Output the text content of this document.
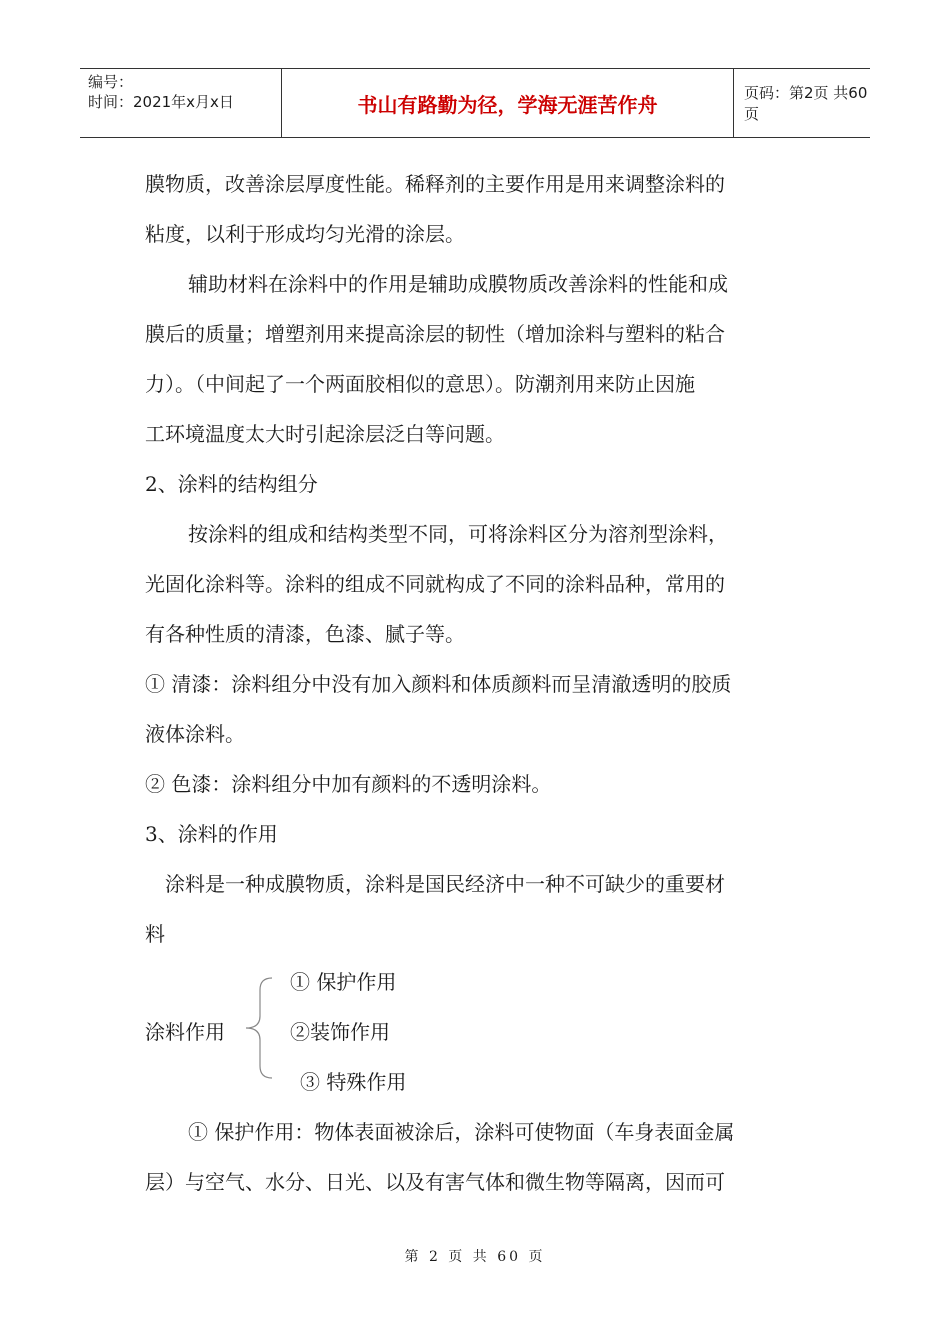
编号：
时间：2021年x月x日	书山有路勤为径，学海无涯苦作舟	页码：第2页 共60页
膜物质，改善涂层厚度性能。稀释剂的主要作用是用来调整涂料的
粘度，以利于形成均匀光滑的涂层。
辅助材料在涂料中的作用是辅助成膜物质改善涂料的性能和成
膜后的质量；增塑剂用来提高涂层的韧性（增加涂料与塑料的粘合
力）。（中间起了一个两面胶相似的意思）。防潮剂用来防止因施
工环境温度太大时引起涂层泛白等问题。
2、涂料的结构组分
按涂料的组成和结构类型不同，可将涂料区分为溶剂型涂料，
光固化涂料等。涂料的组成不同就构成了不同的涂料品种，常用的
有各种性质的清漆，色漆、腻子等。
① 清漆：涂料组分中没有加入颜料和体质颜料而呈清澈透明的胶质
液体涂料。
② 色漆：涂料组分中加有颜料的不透明涂料。
3、涂料的作用
涂料是一种成膜物质，涂料是国民经济中一种不可缺少的重要材
料
涂料作用
① 保护作用
②装饰作用
③ 特殊作用
① 保护作用：物体表面被涂后，涂料可使物面（车身表面金属
层）与空气、水分、日光、以及有害气体和微生物等隔离，因而可
第 2 页 共 60 页
